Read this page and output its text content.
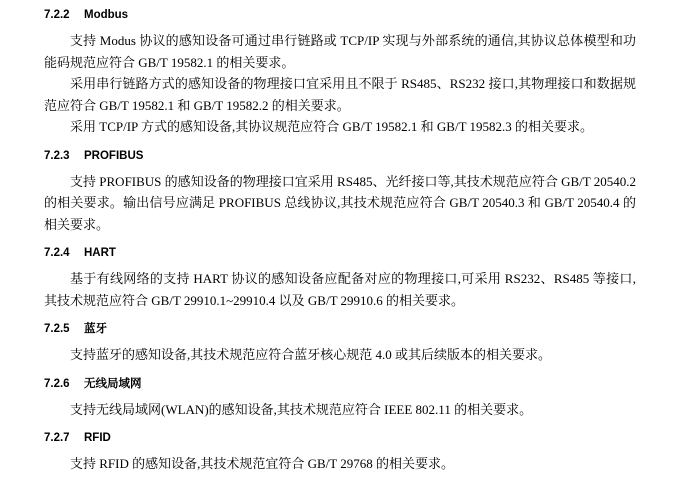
7.2.2 Modbus

支持 Modus 协议的感知设备可通过串行链路或 TCP/IP 实现与外部系统的通信,其协议总体模型和功能码规范应符合 GB/T 19582.1 的相关要求。

采用串行链路方式的感知设备的物理接口宜采用且不限于 RS485、RS232 接口,其物理接口和数据规范应符合 GB/T 19582.1 和 GB/T 19582.2 的相关要求。

采用 TCP/IP 方式的感知设备,其协议规范应符合 GB/T 19582.1 和 GB/T 19582.3 的相关要求。

7.2.3 PROFIBUS

支持 PROFIBUS 的感知设备的物理接口宜采用 RS485、光纤接口等,其技术规范应符合 GB/T 20540.2的相关要求。输出信号应满足 PROFIBUS 总线协议,其技术规范应符合 GB/T 20540.3 和 GB/T 20540.4 的相关要求。

7.2.4 HART

基于有线网络的支持 HART 协议的感知设备应配备对应的物理接口,可采用 RS232、RS485 等接口,其技术规范应符合 GB/T 29910.1~29910.4 以及 GB/T 29910.6 的相关要求。

7.2.5 蓝牙

支持蓝牙的感知设备,其技术规范应符合蓝牙核心规范 4.0 或其后续版本的相关要求。

7.2.6 无线局域网

支持无线局域网(WLAN)的感知设备,其技术规范应符合 IEEE 802.11 的相关要求。

7.2.7 RFID

支持 RFID 的感知设备,其技术规范宜符合 GB/T 29768 的相关要求。
